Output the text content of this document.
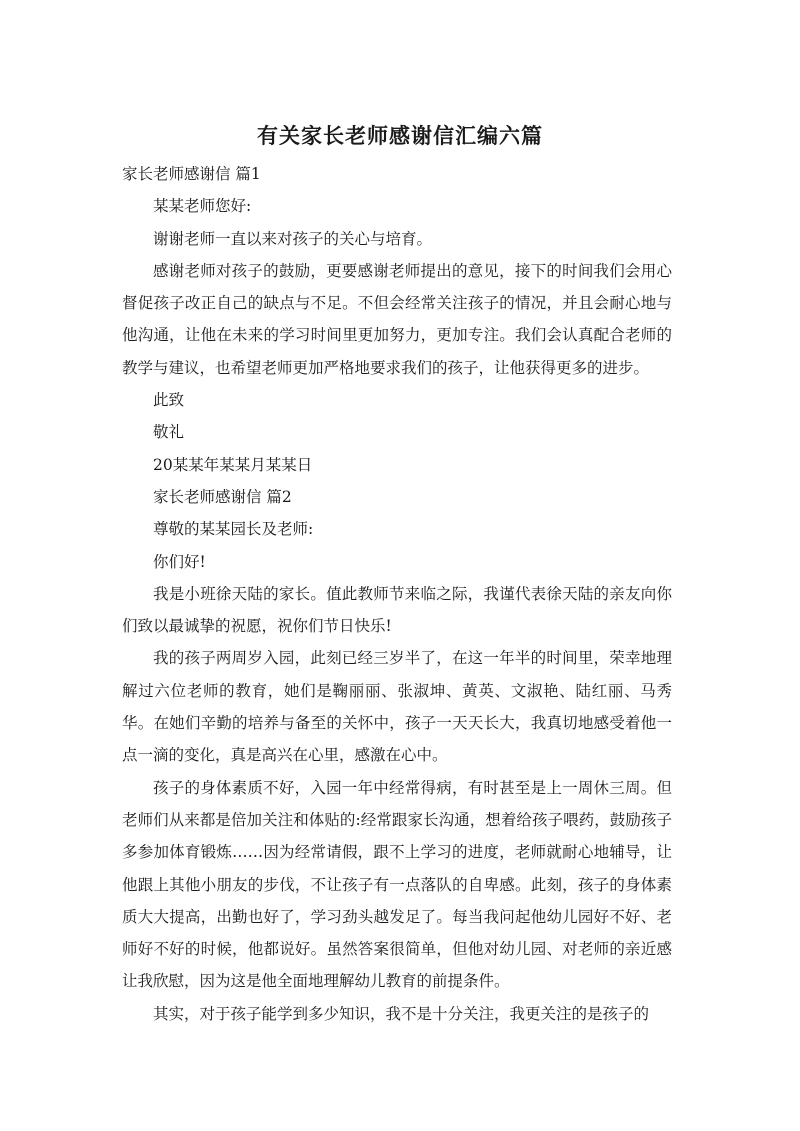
有关家长老师感谢信汇编六篇

家长老师感谢信 篇1

某某老师您好:

谢谢老师一直以来对孩子的关心与培育。

感谢老师对孩子的鼓励，更要感谢老师提出的意见，接下的时间我们会用心督促孩子改正自己的缺点与不足。不但会经常关注孩子的情况，并且会耐心地与他沟通，让他在未来的学习时间里更加努力，更加专注。我们会认真配合老师的教学与建议，也希望老师更加严格地要求我们的孩子，让他获得更多的进步。

此致

敬礼

20某某年某某月某某日

家长老师感谢信 篇2

尊敬的某某园长及老师:

你们好!

我是小班徐天陆的家长。值此教师节来临之际，我谨代表徐天陆的亲友向你们致以最诚挚的祝愿，祝你们节日快乐!

我的孩子两周岁入园，此刻已经三岁半了，在这一年半的时间里，荣幸地理解过六位老师的教育，她们是鞠丽丽、张淑坤、黄英、文淑艳、陆红丽、马秀华。在她们辛勤的培养与备至的关怀中，孩子一天天长大，我真切地感受着他一点一滴的变化，真是高兴在心里，感激在心中。

孩子的身体素质不好，入园一年中经常得病，有时甚至是上一周休三周。但老师们从来都是倍加关注和体贴的:经常跟家长沟通，想着给孩子喂药，鼓励孩子多参加体育锻炼……因为经常请假，跟不上学习的进度，老师就耐心地辅导，让他跟上其他小朋友的步伐，不让孩子有一点落队的自卑感。此刻，孩子的身体素质大大提高，出勤也好了，学习劲头越发足了。每当我问起他幼儿园好不好、老师好不好的时候，他都说好。虽然答案很简单，但他对幼儿园、对老师的亲近感让我欣慰，因为这是他全面地理解幼儿教育的前提条件。

其实，对于孩子能学到多少知识，我不是十分关注，我更关注的是孩子的
